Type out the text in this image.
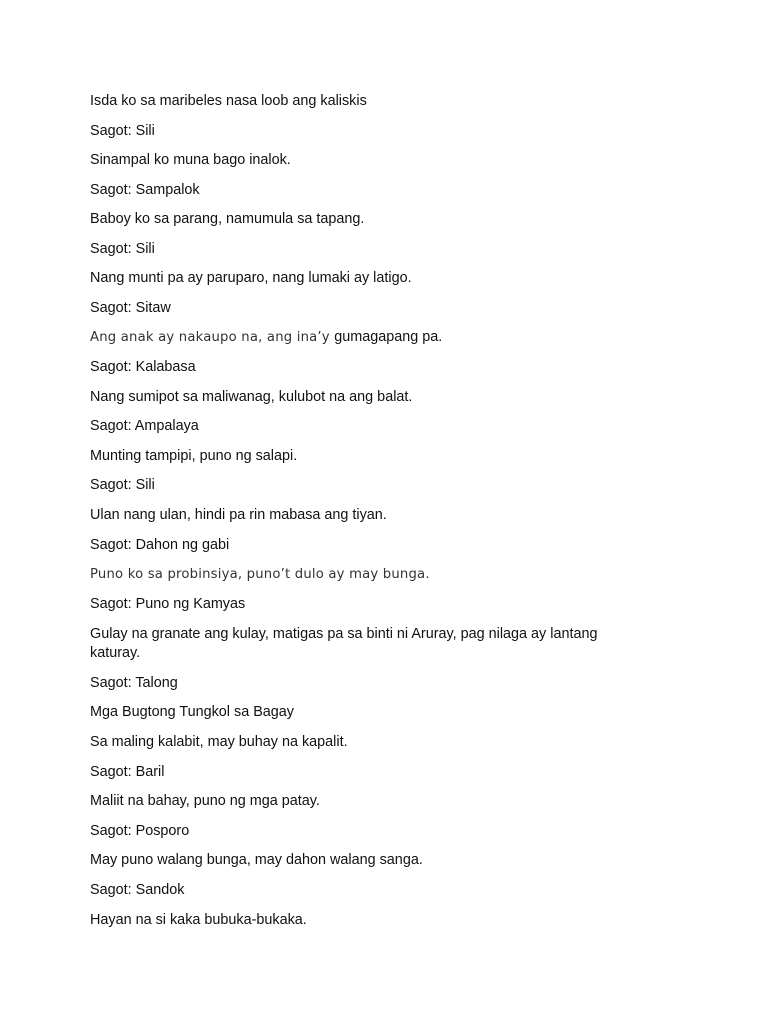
Isda ko sa maribeles nasa loob ang kaliskis
Sagot: Sili
Sinampal ko muna bago inalok.
Sagot: Sampalok
Baboy ko sa parang, namumula sa tapang.
Sagot: Sili
Nang munti pa ay paruparo, nang lumaki ay latigo.
Sagot: Sitaw
Ang anak ay nakaupo na, ang ina’y gumagapang pa.
Sagot: Kalabasa
Nang sumipot sa maliwanag, kulubot na ang balat.
Sagot: Ampalaya
Munting tampipi, puno ng salapi.
Sagot: Sili
Ulan nang ulan, hindi pa rin mabasa ang tiyan.
Sagot: Dahon ng gabi
Puno ko sa probinsiya, puno’t dulo ay may bunga.
Sagot: Puno ng Kamyas
Gulay na granate ang kulay, matigas pa sa binti ni Aruray, pag nilaga ay lantang katuray.
Sagot: Talong
Mga Bugtong Tungkol sa Bagay
Sa maling kalabit, may buhay na kapalit.
Sagot: Baril
Maliit na bahay, puno ng mga patay.
Sagot: Posporo
May puno walang bunga, may dahon walang sanga.
Sagot: Sandok
Hayan na si kaka bubuka-bukaka.
